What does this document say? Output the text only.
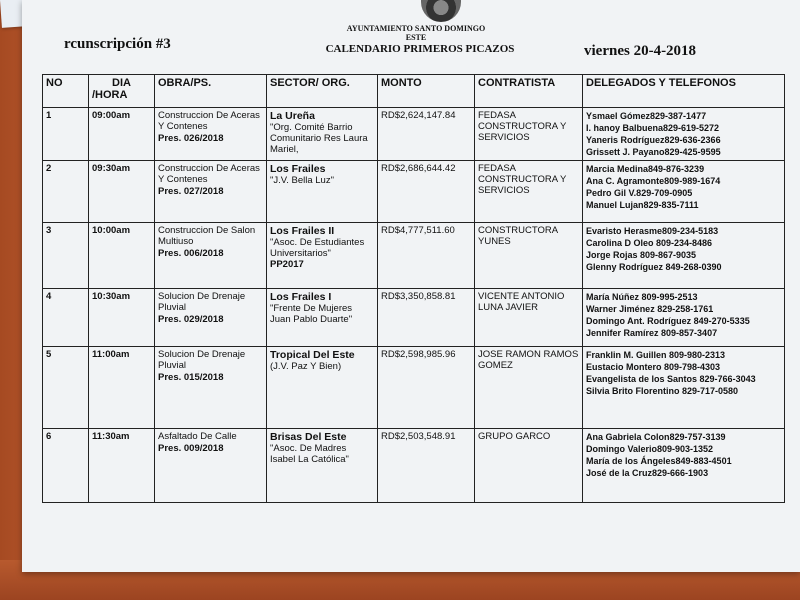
AYUNTAMIENTO SANTO DOMINGO ESTE
CALENDARIO PRIMEROS PICAZOS
rcunscripción #3	viernes 20-4-2018
NO	DIA
/HORA	OBRA/PS.	SECTOR/ ORG.	MONTO	CONTRATISTA	DELEGADOS Y TELEFONOS
1	09:00am	Construccion De Aceras Y Contenes
Pres. 026/2018	La Ureña
"Org. Comité Barrio Comunitario Res Laura Mariel,	RD$2,624,147.84	FEDASA CONSTRUCTORA Y SERVICIOS	Ysmael Gómez829-387-1477
I. hanoy Balbuena829-619-5272
Yaneris Rodríguez829-636-2366
Grissett J. Payano829-425-9595

2	09:30am	Construccion De Aceras Y Contenes
Pres. 027/2018	Los Frailes
"J.V. Bella Luz"	RD$2,686,644.42	FEDASA CONSTRUCTORA Y SERVICIOS	Marcia Medina849-876-3239
Ana C. Agramonte809-989-1674
Pedro Gil V.829-709-0905
Manuel Lujan829-835-7111

3	10:00am	Construccion De Salon Multiuso
Pres. 006/2018	Los Frailes II
"Asoc. De Estudiantes Universitarios"
PP2017	RD$4,777,511.60	CONSTRUCTORA YUNES	Evaristo Herasme809-234-5183
Carolina D Oleo 809-234-8486
Jorge Rojas 809-867-9035
Glenny Rodríguez 849-268-0390

4	10:30am	Solucion De Drenaje Pluvial
Pres. 029/2018	Los Frailes I
"Frente De Mujeres Juan Pablo Duarte"	RD$3,350,858.81	VICENTE ANTONIO LUNA JAVIER	María Núñez 809-995-2513
Warner Jiménez 829-258-1761
Domingo Ant. Rodríguez 849-270-5335
Jennifer Ramírez 809-857-3407

5	11:00am	Solucion De Drenaje Pluvial
Pres. 015/2018	Tropical Del Este
(J.V. Paz Y Bien)	RD$2,598,985.96	JOSE RAMON RAMOS GOMEZ	Franklin M. Guillen 809-980-2313
Eustacio Montero 809-798-4303
Evangelista de los Santos 829-766-3043
Silvia Brito Florentino 829-717-0580

6	11:30am	Asfaltado De Calle
Pres. 009/2018	Brisas Del Este
"Asoc. De Madres Isabel La Católica"	RD$2,503,548.91	GRUPO GARCO	Ana Gabriela Colon829-757-3139
Domingo Valerio809-903-1352
María de los Ángeles849-883-4501
José de la Cruz829-666-1903
